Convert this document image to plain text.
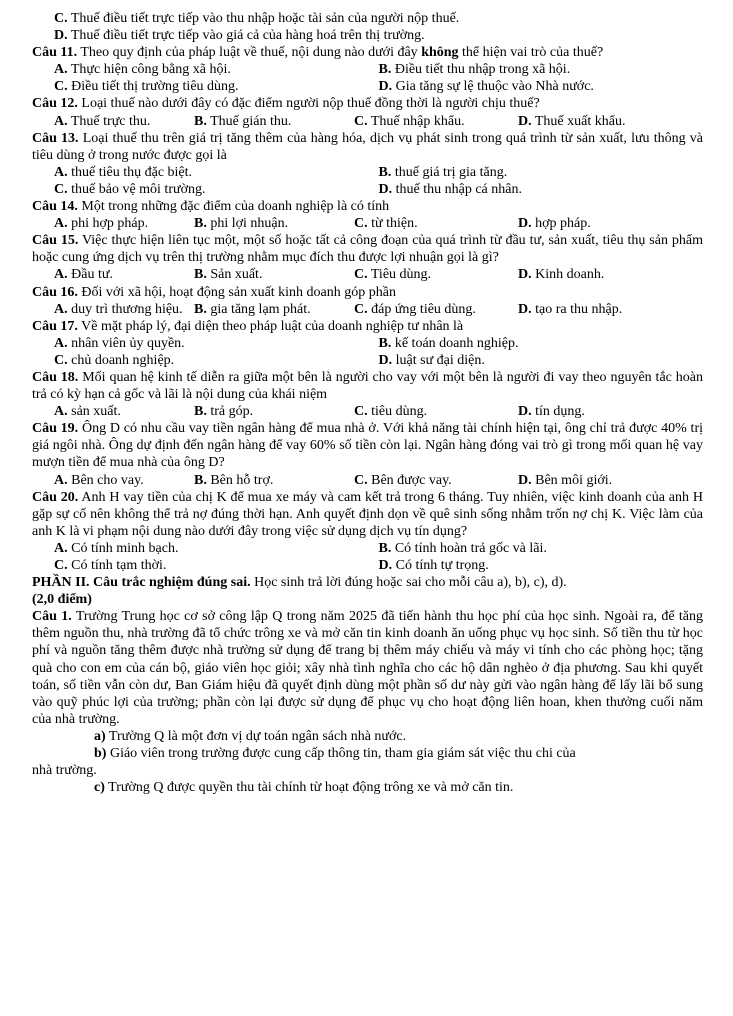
C. Thuế điều tiết trực tiếp vào thu nhập hoặc tài sản của người nộp thuế.
D. Thuế điều tiết trực tiếp vào giá cả của hàng hoá trên thị trường.
Câu 11. Theo quy định của pháp luật về thuế, nội dung nào dưới đây không thể hiện vai trò của thuế?
A. Thực hiện công bằng xã hội.	B. Điều tiết thu nhập trong xã hội.
C. Điều tiết thị trường tiêu dùng.	D. Gia tăng sự lệ thuộc vào Nhà nước.
Câu 12. Loại thuế nào dưới đây có đặc điểm người nộp thuế đồng thời là người chịu thuế?
A. Thuế trực thu.	B. Thuế gián thu.	C. Thuế nhập khẩu.	D. Thuế xuất khẩu.
Câu 13. Loại thuế thu trên giá trị tăng thêm của hàng hóa, dịch vụ phát sinh trong quá trình từ sản xuất, lưu thông và tiêu dùng ở trong nước được gọi là
A. thuế tiêu thụ đặc biệt.	B. thuế giá trị gia tăng.
C. thuế bảo vệ môi trường.	D. thuế thu nhập cá nhân.
Câu 14. Một trong những đặc điểm của doanh nghiệp là có tính
A. phi hợp pháp.	B. phi lợi nhuận.	C. từ thiện.	D. hợp pháp.
Câu 15. Việc thực hiện liên tục một, một số hoặc tất cả công đoạn của quá trình từ đầu tư, sản xuất, tiêu thụ sản phẩm hoặc cung ứng dịch vụ trên thị trường nhằm mục đích thu được lợi nhuận gọi là gì?
A. Đầu tư.	B. Sản xuất.	C. Tiêu dùng.	D. Kinh doanh.
Câu 16. Đối với xã hội, hoạt động sản xuất kinh doanh góp phần
A. duy trì thương hiệu. B. gia tăng lạm phát.	C. đáp ứng tiêu dùng.	D. tạo ra thu nhập.
Câu 17. Về mặt pháp lý, đại diện theo pháp luật của doanh nghiệp tư nhân là
A. nhân viên ủy quyền.	B. kế toán doanh nghiệp.
C. chủ doanh nghiệp.	D. luật sư đại diện.
Câu 18. Mối quan hệ kinh tế diễn ra giữa một bên là người cho vay với một bên là người đi vay theo nguyên tắc hoàn trả có kỳ hạn cả gốc và lãi là nội dung của khái niệm
A. sản xuất.	B. trả góp.	C. tiêu dùng.	D. tín dụng.
Câu 19. Ông D có nhu cầu vay tiền ngân hàng để mua nhà ở. Với khả năng tài chính hiện tại, ông chỉ trả được 40% trị giá ngôi nhà. Ông dự định đến ngân hàng để vay 60% số tiền còn lại. Ngân hàng đóng vai trò gì trong mối quan hệ vay mượn tiền để mua nhà của ông D?
A. Bên cho vay.	B. Bên hỗ trợ.	C. Bên được vay.	D. Bên môi giới.
Câu 20. Anh H vay tiền của chị K để mua xe máy và cam kết trả trong 6 tháng. Tuy nhiên, việc kinh doanh của anh H gặp sự cố nên không thể trả nợ đúng thời hạn. Anh quyết định dọn về quê sinh sống nhằm trốn nợ chị K. Việc làm của anh K là vi phạm nội dung nào dưới đây trong việc sử dụng dịch vụ tín dụng?
A. Có tính minh bạch.	B. Có tính hoàn trả gốc và lãi.
C. Có tính tạm thời.	D. Có tính tự trọng.
PHẦN II. Câu trắc nghiệm đúng sai. Học sinh trả lời đúng hoặc sai cho mỗi câu a), b), c), d).
(2,0 điểm)
Câu 1. Trường Trung học cơ sở công lập Q trong năm 2025 đã tiến hành thu học phí của học sinh. Ngoài ra, để tăng thêm nguồn thu, nhà trường đã tổ chức trông xe và mở căn tin kinh doanh ăn uống phục vụ học sinh. Số tiền thu từ học phí và nguồn tăng thêm được nhà trường sử dụng để trang bị thêm máy chiếu và máy vi tính cho các phòng học; tặng quà cho con em của cán bộ, giáo viên học giỏi; xây nhà tình nghĩa cho các hộ dân nghèo ở địa phương. Sau khi quyết toán, số tiền vẫn còn dư, Ban Giám hiệu đã quyết định dùng một phần số dư này gửi vào ngân hàng để lấy lãi bổ sung vào quỹ phúc lợi của trường; phần còn lại được sử dụng để phục vụ cho hoạt động liên hoan, khen thưởng cuối năm của nhà trường.
a) Trường Q là một đơn vị dự toán ngân sách nhà nước.
b) Giáo viên trong trường được cung cấp thông tin, tham gia giám sát việc thu chi của
nhà trường.
c) Trường Q được quyền thu tài chính từ hoạt động trông xe và mở căn tin.
